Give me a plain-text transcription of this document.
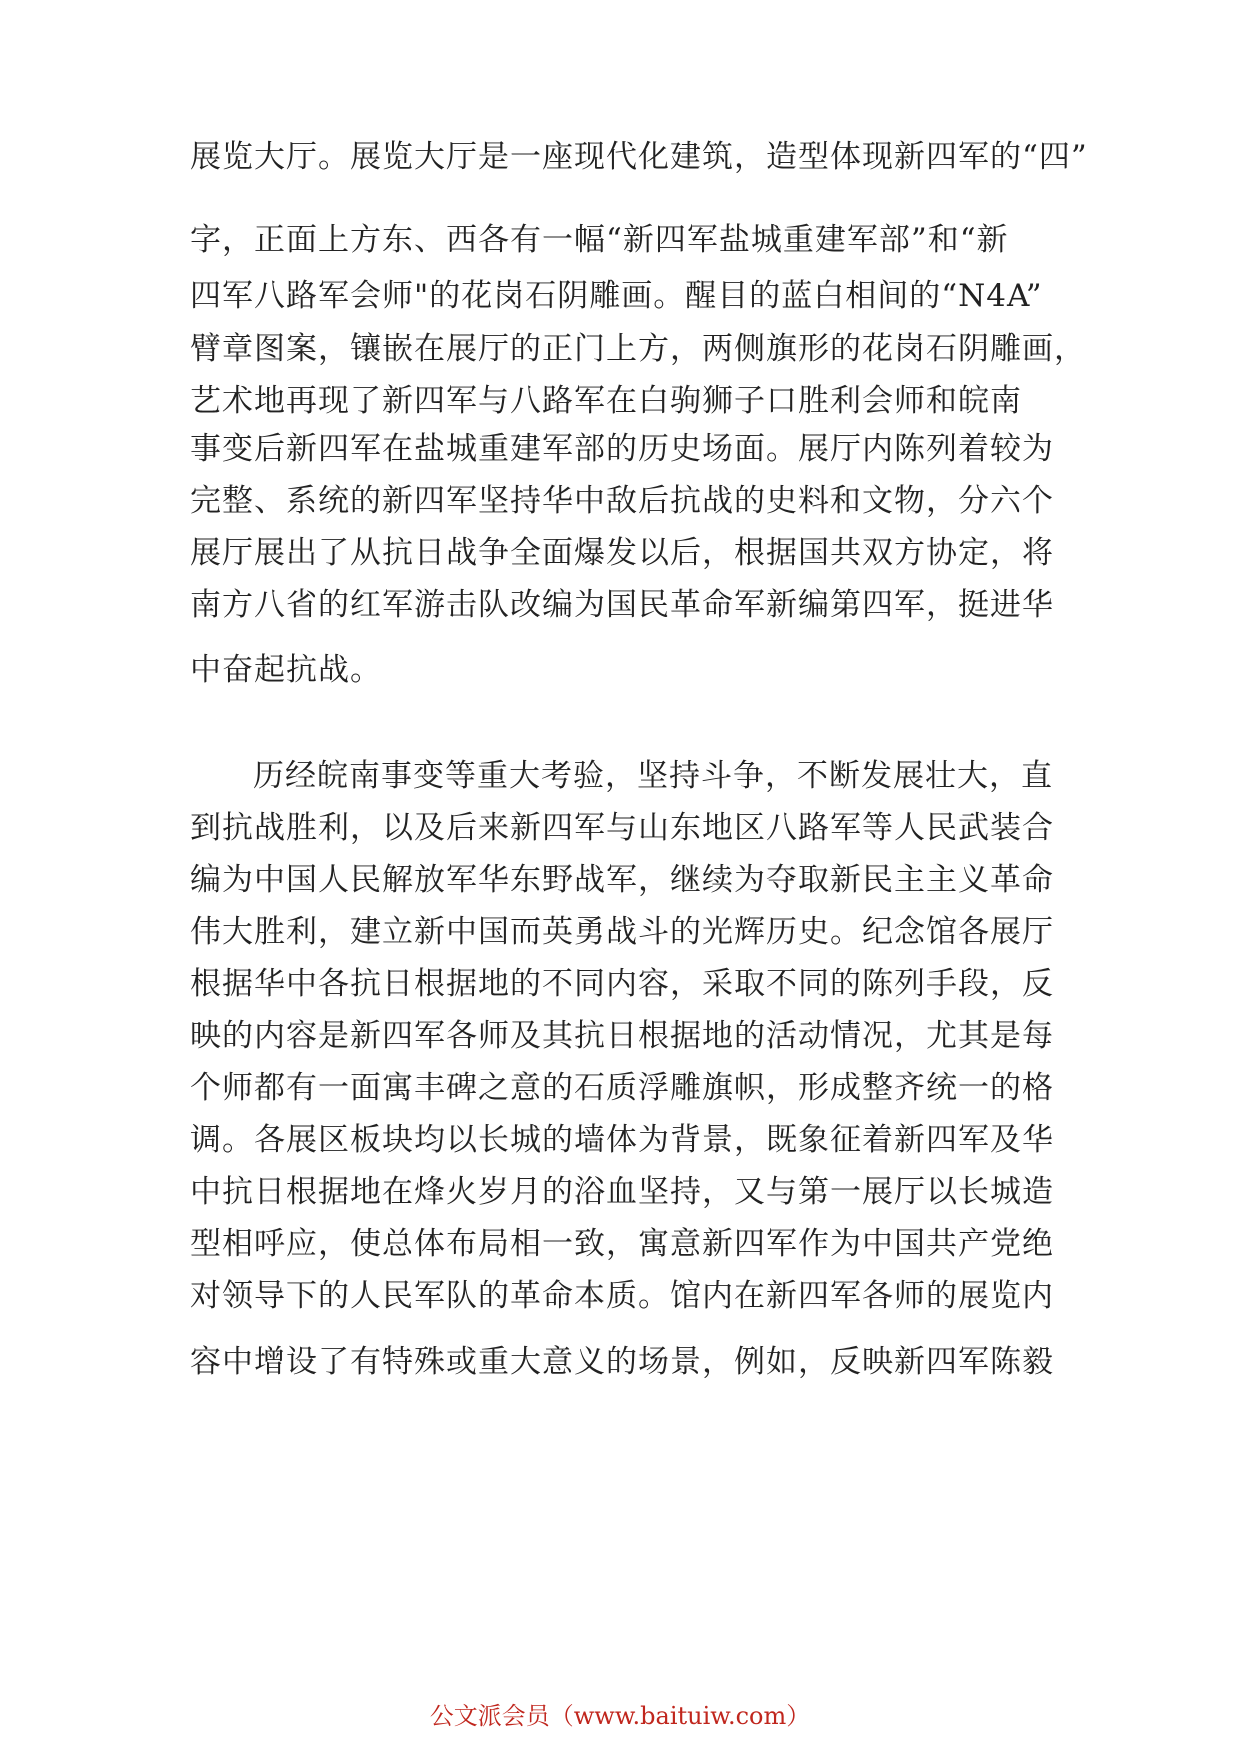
展览大厅。展览大厅是一座现代化建筑，造型体现新四军的“四”
字，正面上方东、西各有一幅“新四军盐城重建军部”和“新
四军八路军会师"的花岗石阴雕画。醒目的蓝白相间的“N4A”
臂章图案，镶嵌在展厅的正门上方，两侧旗形的花岗石阴雕画，
艺术地再现了新四军与八路军在白驹狮子口胜利会师和皖南
事变后新四军在盐城重建军部的历史场面。展厅内陈列着较为
完整、系统的新四军坚持华中敌后抗战的史料和文物，分六个
展厅展出了从抗日战争全面爆发以后，根据国共双方协定，将
南方八省的红军游击队改编为国民革命军新编第四军，挺进华
中奋起抗战。
历经皖南事变等重大考验，坚持斗争，不断发展壮大，直
到抗战胜利，以及后来新四军与山东地区八路军等人民武装合
编为中国人民解放军华东野战军，继续为夺取新民主主义革命
伟大胜利，建立新中国而英勇战斗的光辉历史。纪念馆各展厅
根据华中各抗日根据地的不同内容，采取不同的陈列手段，反
映的内容是新四军各师及其抗日根据地的活动情况，尤其是每
个师都有一面寓丰碑之意的石质浮雕旗帜，形成整齐统一的格
调。各展区板块均以长城的墙体为背景，既象征着新四军及华
中抗日根据地在烽火岁月的浴血坚持，又与第一展厅以长城造
型相呼应，使总体布局相一致，寓意新四军作为中国共产党绝
对领导下的人民军队的革命本质。馆内在新四军各师的展览内
容中增设了有特殊或重大意义的场景，例如，反映新四军陈毅
公文派会员（www.baituiw.com）
